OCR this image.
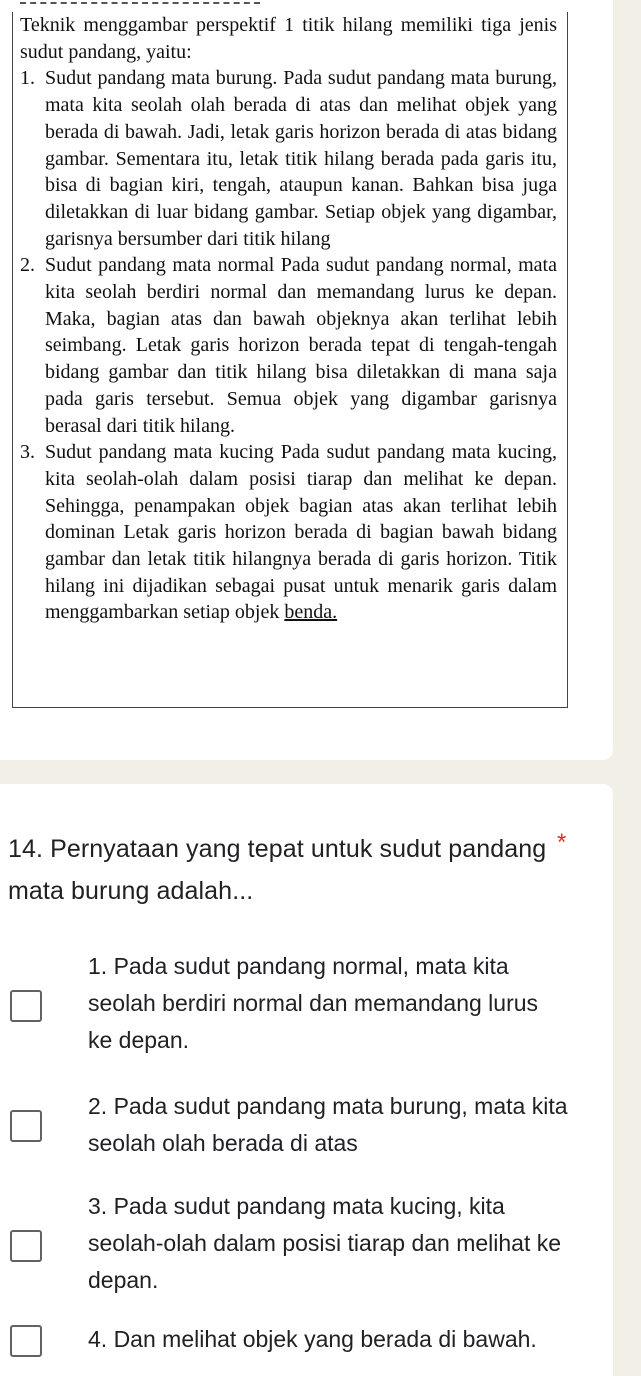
Teknik menggambar perspektif 1 titik hilang memiliki tiga jenis sudut pandang, yaitu:

1. Sudut pandang mata burung. Pada sudut pandang mata burung, mata kita seolah olah berada di atas dan melihat objek yang berada di bawah. Jadi, letak garis horizon berada di atas bidang gambar. Sementara itu, letak titik hilang berada pada garis itu, bisa di bagian kiri, tengah, ataupun kanan. Bahkan bisa juga diletakkan di luar bidang gambar. Setiap objek yang digambar, garisnya bersumber dari titik hilang
2. Sudut pandang mata normal Pada sudut pandang normal, mata kita seolah berdiri normal dan memandang lurus ke depan. Maka, bagian atas dan bawah objeknya akan terlihat lebih seimbang. Letak garis horizon berada tepat di tengah-tengah bidang gambar dan titik hilang bisa diletakkan di mana saja pada garis tersebut. Semua objek yang digambar garisnya berasal dari titik hilang.
3. Sudut pandang mata kucing Pada sudut pandang mata kucing, kita seolah-olah dalam posisi tiarap dan melihat ke depan. Sehingga, penampakan objek bagian atas akan terlihat lebih dominan Letak garis horizon berada di bagian bawah bidang gambar dan letak titik hilangnya berada di garis horizon. Titik hilang ini dijadikan sebagai pusat untuk menarik garis dalam menggambarkan setiap objek benda.
14. Pernyataan yang tepat untuk sudut pandang mata burung adalah...
*
1. Pada sudut pandang normal, mata kita seolah berdiri normal dan memandang lurus ke depan.
2. Pada sudut pandang mata burung, mata kita seolah olah berada di atas
3. Pada sudut pandang mata kucing, kita seolah-olah dalam posisi tiarap dan melihat ke depan.
4. Dan melihat objek yang berada di bawah.
